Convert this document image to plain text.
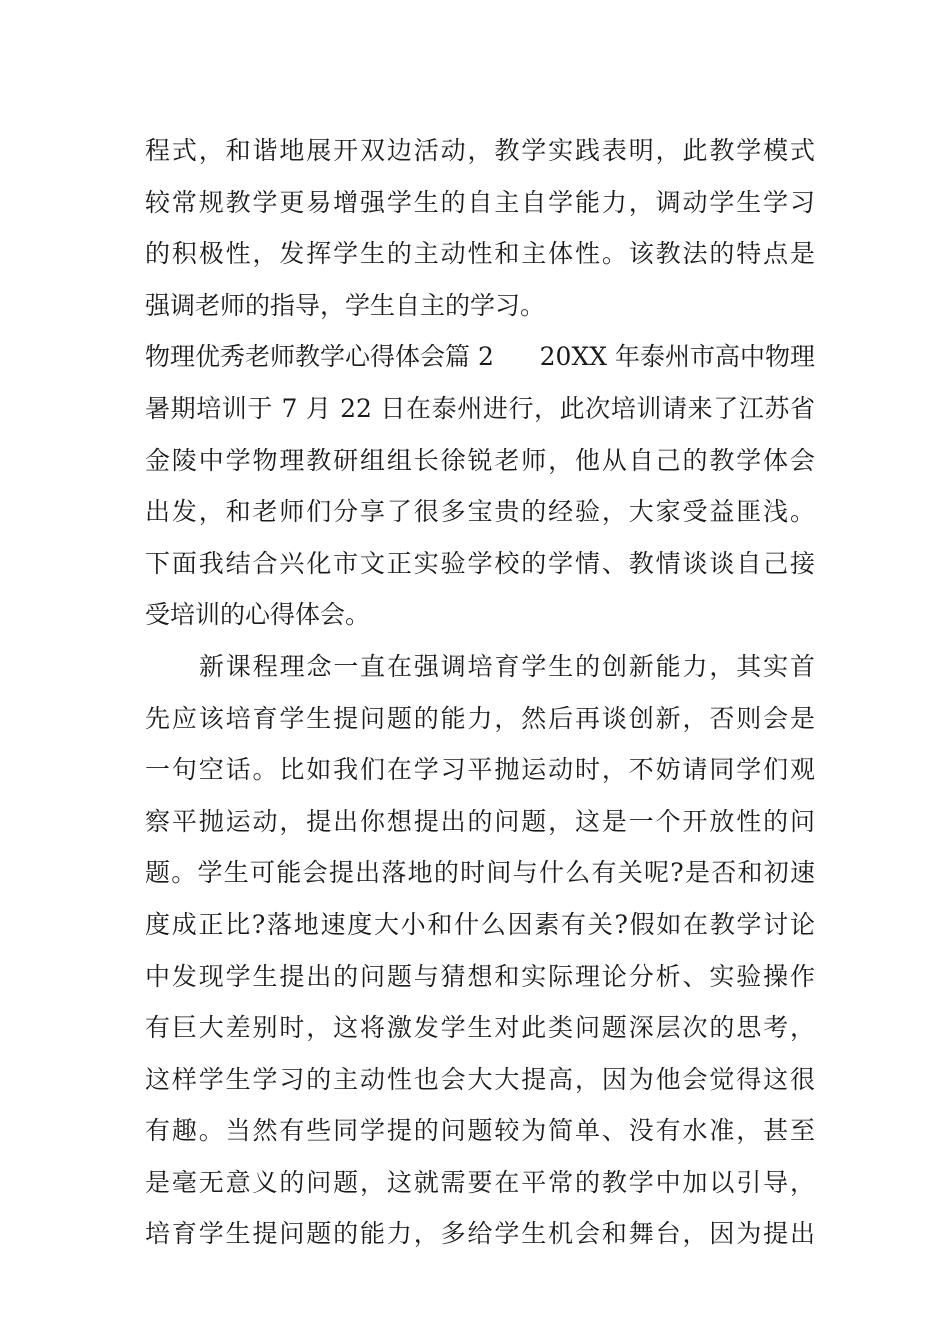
程式，和谐地展开双边活动，教学实践表明，此教学模式
较常规教学更易增强学生的自主自学能力，调动学生学习
的积极性，发挥学生的主动性和主体性。该教法的特点是
强调老师的指导，学生自主的学习。
物理优秀老师教学心得体会篇 2 20XX 年泰州市高中物理
暑期培训于 7 月 22 日在泰州进行，此次培训请来了江苏省
金陵中学物理教研组组长徐锐老师，他从自己的教学体会
出发，和老师们分享了很多宝贵的经验，大家受益匪浅。
下面我结合兴化市文正实验学校的学情、教情谈谈自己接
受培训的心得体会。
新课程理念一直在强调培育学生的创新能力，其实首
先应该培育学生提问题的能力，然后再谈创新，否则会是
一句空话。比如我们在学习平抛运动时，不妨请同学们观
察平抛运动，提出你想提出的问题，这是一个开放性的问
题。学生可能会提出落地的时间与什么有关呢?是否和初速
度成正比?落地速度大小和什么因素有关?假如在教学讨论
中发现学生提出的问题与猜想和实际理论分析、实验操作
有巨大差别时，这将激发学生对此类问题深层次的思考，
这样学生学习的主动性也会大大提高，因为他会觉得这很
有趣。当然有些同学提的问题较为简单、没有水准，甚至
是毫无意义的问题，这就需要在平常的教学中加以引导，
培育学生提问题的能力，多给学生机会和舞台，因为提出
